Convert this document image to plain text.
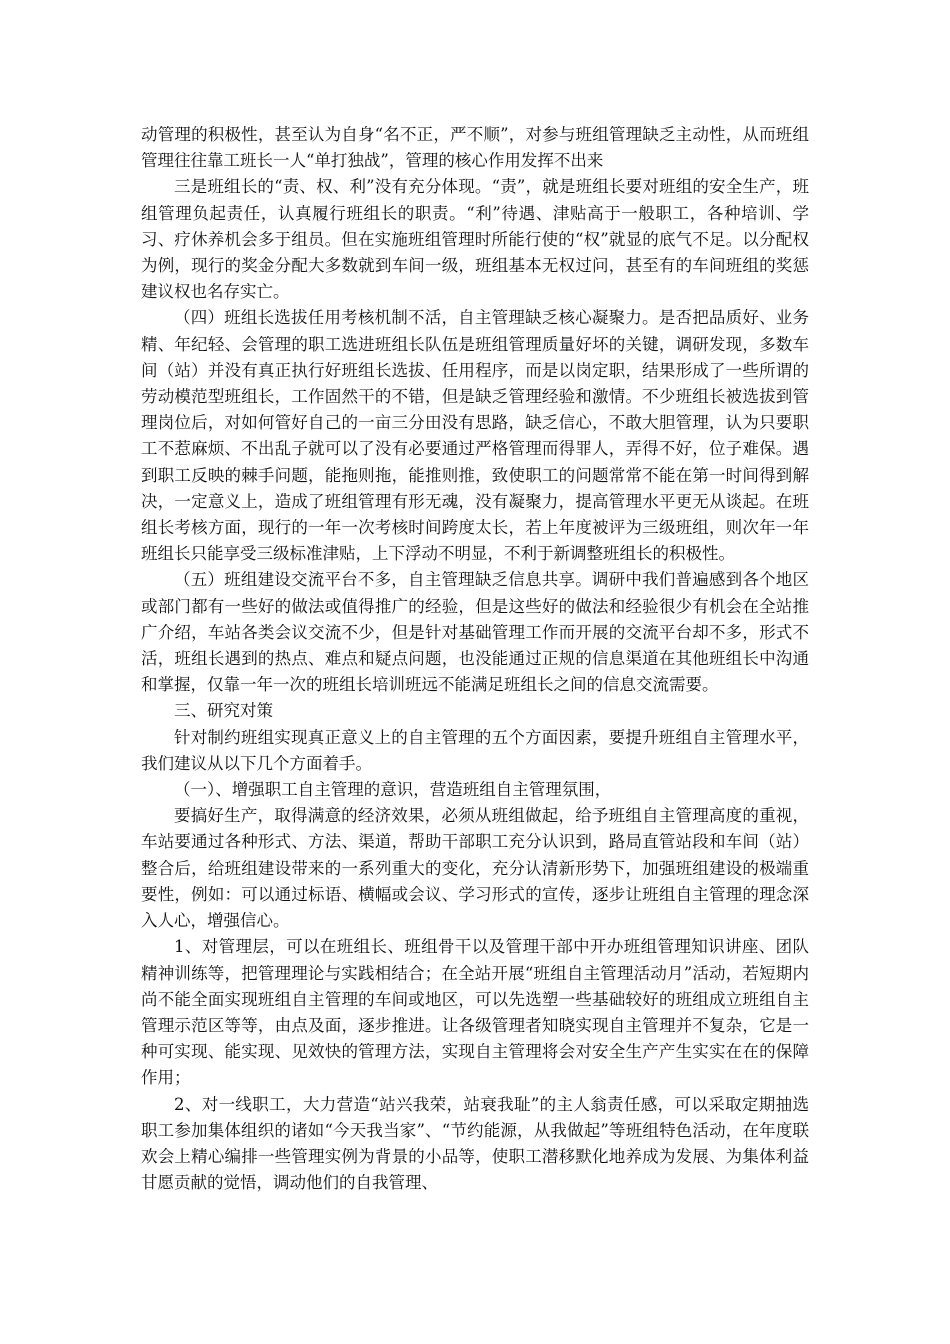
动管理的积极性，甚至认为自身“名不正，严不顺”，对参与班组管理缺乏主动性，从而班组管理往往靠工班长一人“单打独战”，管理的核心作用发挥不出来

三是班组长的“责、权、利”没有充分体现。“责”，就是班组长要对班组的安全生产，班组管理负起责任，认真履行班组长的职责。“利”待遇、津贴高于一般职工，各种培训、学习、疗休养机会多于组员。但在实施班组管理时所能行使的“权”就显的底气不足。以分配权为例，现行的奖金分配大多数就到车间一级，班组基本无权过问，甚至有的车间班组的奖惩建议权也名存实亡。

（四）班组长选拔任用考核机制不活，自主管理缺乏核心凝聚力。是否把品质好、业务精、年纪轻、会管理的职工选进班组长队伍是班组管理质量好坏的关键，调研发现，多数车间（站）并没有真正执行好班组长选拔、任用程序，而是以岗定职，结果形成了一些所谓的劳动模范型班组长，工作固然干的不错，但是缺乏管理经验和激情。不少班组长被选拔到管理岗位后，对如何管好自己的一亩三分田没有思路，缺乏信心，不敢大胆管理，认为只要职工不惹麻烦、不出乱子就可以了没有必要通过严格管理而得罪人，弄得不好，位子难保。遇到职工反映的棘手问题，能拖则拖，能推则推，致使职工的问题常常不能在第一时间得到解决，一定意义上，造成了班组管理有形无魂，没有凝聚力，提高管理水平更无从谈起。在班组长考核方面，现行的一年一次考核时间跨度太长，若上年度被评为三级班组，则次年一年班组长只能享受三级标准津贴，上下浮动不明显，不利于新调整班组长的积极性。

（五）班组建设交流平台不多，自主管理缺乏信息共享。调研中我们普遍感到各个地区或部门都有一些好的做法或值得推广的经验，但是这些好的做法和经验很少有机会在全站推广介绍，车站各类会议交流不少，但是针对基础管理工作而开展的交流平台却不多，形式不活，班组长遇到的热点、难点和疑点问题，也没能通过正规的信息渠道在其他班组长中沟通和掌握，仅靠一年一次的班组长培训班远不能满足班组长之间的信息交流需要。

三、研究对策

针对制约班组实现真正意义上的自主管理的五个方面因素，要提升班组自主管理水平，我们建议从以下几个方面着手。

（一）、增强职工自主管理的意识，营造班组自主管理氛围，

要搞好生产，取得满意的经济效果，必须从班组做起，给予班组自主管理高度的重视，车站要通过各种形式、方法、渠道，帮助干部职工充分认识到，路局直管站段和车间（站）整合后，给班组建设带来的一系列重大的变化，充分认清新形势下，加强班组建设的极端重要性，例如：可以通过标语、横幅或会议、学习形式的宣传，逐步让班组自主管理的理念深入人心，增强信心。

1、对管理层，可以在班组长、班组骨干以及管理干部中开办班组管理知识讲座、团队精神训练等，把管理理论与实践相结合；在全站开展“班组自主管理活动月”活动，若短期内尚不能全面实现班组自主管理的车间或地区，可以先选塑一些基础较好的班组成立班组自主管理示范区等等，由点及面，逐步推进。让各级管理者知晓实现自主管理并不复杂，它是一种可实现、能实现、见效快的管理方法，实现自主管理将会对安全生产产生实实在在的保障作用；

2、对一线职工，大力营造“站兴我荣，站衰我耻”的主人翁责任感，可以采取定期抽选职工参加集体组织的诸如“今天我当家”、“节约能源，从我做起”等班组特色活动，在年度联欢会上精心编排一些管理实例为背景的小品等，使职工潜移默化地养成为发展、为集体利益甘愿贡献的觉悟，调动他们的自我管理、
